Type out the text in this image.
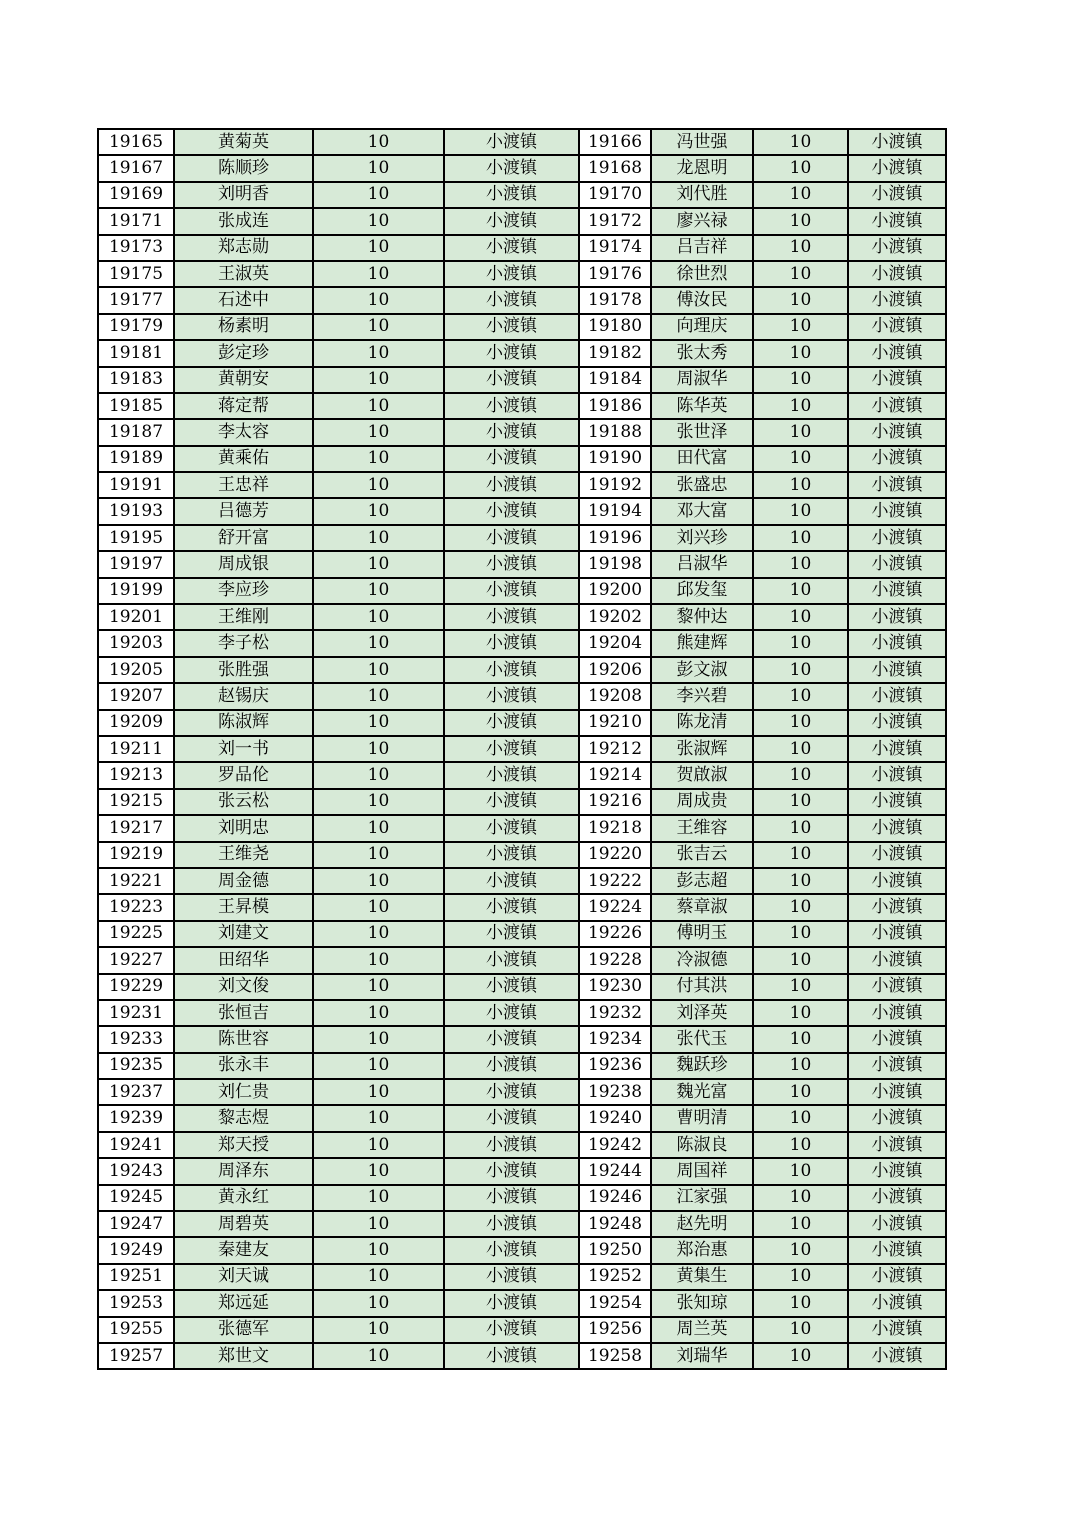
19165	黄菊英	10	小渡镇	19166	冯世强	10	小渡镇
19167	陈顺珍	10	小渡镇	19168	龙恩明	10	小渡镇
19169	刘明香	10	小渡镇	19170	刘代胜	10	小渡镇
19171	张成连	10	小渡镇	19172	廖兴禄	10	小渡镇
19173	郑志勋	10	小渡镇	19174	吕吉祥	10	小渡镇
19175	王淑英	10	小渡镇	19176	徐世烈	10	小渡镇
19177	石述中	10	小渡镇	19178	傅汝民	10	小渡镇
19179	杨素明	10	小渡镇	19180	向理庆	10	小渡镇
19181	彭定珍	10	小渡镇	19182	张太秀	10	小渡镇
19183	黄朝安	10	小渡镇	19184	周淑华	10	小渡镇
19185	蒋定帮	10	小渡镇	19186	陈华英	10	小渡镇
19187	李太容	10	小渡镇	19188	张世泽	10	小渡镇
19189	黄乘佑	10	小渡镇	19190	田代富	10	小渡镇
19191	王忠祥	10	小渡镇	19192	张盛忠	10	小渡镇
19193	吕德芳	10	小渡镇	19194	邓大富	10	小渡镇
19195	舒开富	10	小渡镇	19196	刘兴珍	10	小渡镇
19197	周成银	10	小渡镇	19198	吕淑华	10	小渡镇
19199	李应珍	10	小渡镇	19200	邱发玺	10	小渡镇
19201	王维刚	10	小渡镇	19202	黎仲达	10	小渡镇
19203	李子松	10	小渡镇	19204	熊建辉	10	小渡镇
19205	张胜强	10	小渡镇	19206	彭文淑	10	小渡镇
19207	赵锡庆	10	小渡镇	19208	李兴碧	10	小渡镇
19209	陈淑辉	10	小渡镇	19210	陈龙清	10	小渡镇
19211	刘一书	10	小渡镇	19212	张淑辉	10	小渡镇
19213	罗品伦	10	小渡镇	19214	贺啟淑	10	小渡镇
19215	张云松	10	小渡镇	19216	周成贵	10	小渡镇
19217	刘明忠	10	小渡镇	19218	王维容	10	小渡镇
19219	王维尧	10	小渡镇	19220	张吉云	10	小渡镇
19221	周金德	10	小渡镇	19222	彭志超	10	小渡镇
19223	王昇模	10	小渡镇	19224	蔡章淑	10	小渡镇
19225	刘建文	10	小渡镇	19226	傅明玉	10	小渡镇
19227	田绍华	10	小渡镇	19228	冷淑德	10	小渡镇
19229	刘文俊	10	小渡镇	19230	付其洪	10	小渡镇
19231	张恒吉	10	小渡镇	19232	刘泽英	10	小渡镇
19233	陈世容	10	小渡镇	19234	张代玉	10	小渡镇
19235	张永丰	10	小渡镇	19236	魏跃珍	10	小渡镇
19237	刘仁贵	10	小渡镇	19238	魏光富	10	小渡镇
19239	黎志煜	10	小渡镇	19240	曹明清	10	小渡镇
19241	郑天授	10	小渡镇	19242	陈淑良	10	小渡镇
19243	周泽东	10	小渡镇	19244	周国祥	10	小渡镇
19245	黄永红	10	小渡镇	19246	江家强	10	小渡镇
19247	周碧英	10	小渡镇	19248	赵先明	10	小渡镇
19249	秦建友	10	小渡镇	19250	郑治惠	10	小渡镇
19251	刘天诚	10	小渡镇	19252	黄集生	10	小渡镇
19253	郑远延	10	小渡镇	19254	张知琼	10	小渡镇
19255	张德军	10	小渡镇	19256	周兰英	10	小渡镇
19257	郑世文	10	小渡镇	19258	刘瑞华	10	小渡镇
